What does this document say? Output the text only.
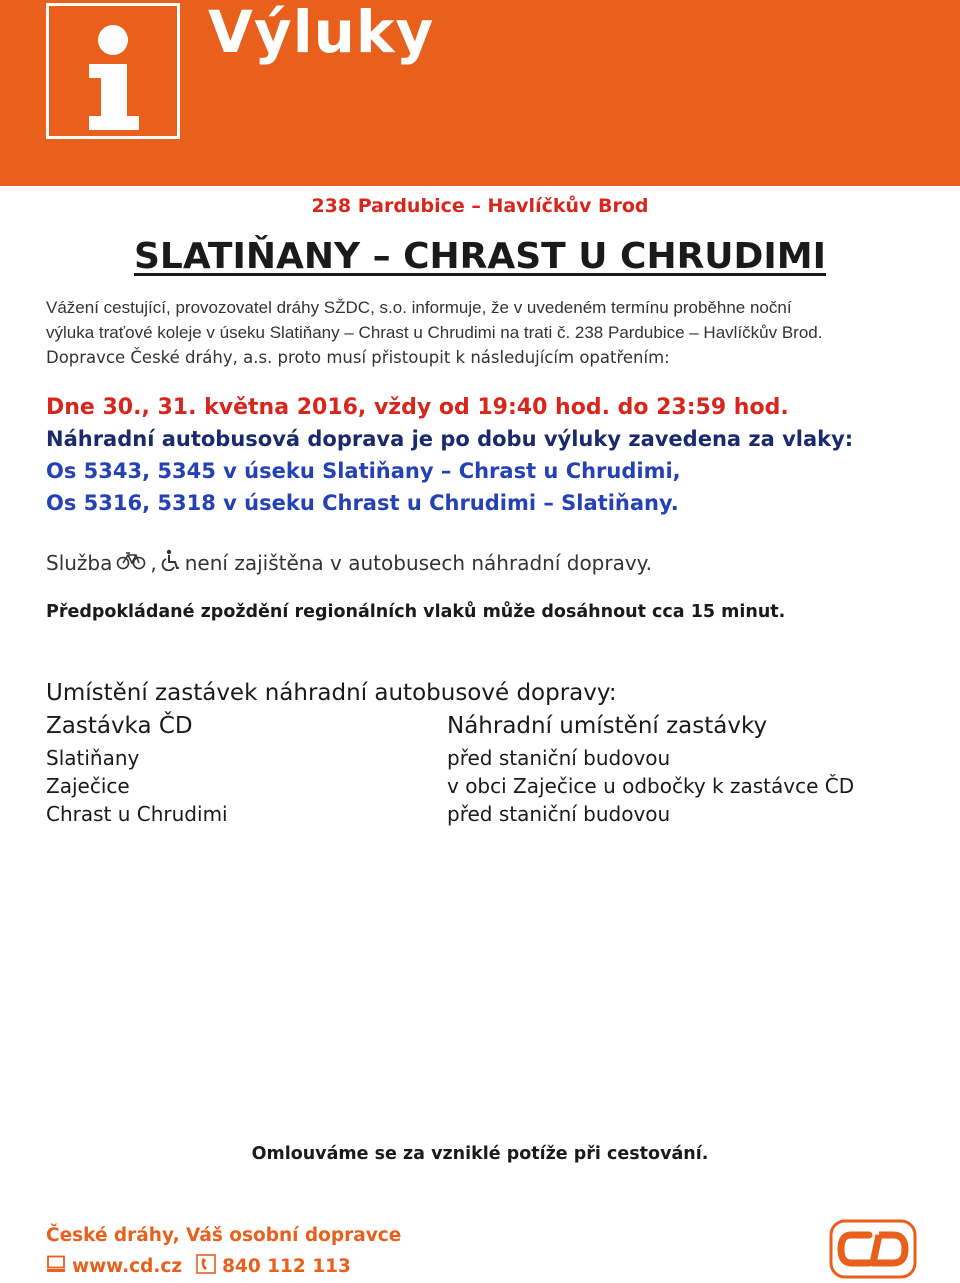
Výluky
238 Pardubice – Havlíčkův Brod
SLATIŇANY – CHRAST U CHRUDIMI

Vážení cestující, provozovatel dráhy SŽDC, s.o. informuje, že v uvedeném termínu proběhne noční

výluka traťové koleje v úseku Slatiňany – Chrast u Chrudimi na trati č. 238 Pardubice – Havlíčkův Brod.

Dopravce České dráhy, a.s. proto musí přistoupit k následujícím opatřením:

Dne 30., 31. května 2016, vždy od 19:40 hod. do 23:59 hod.
Náhradní autobusová doprava je po dobu výluky zavedena za vlaky:
Os 5343, 5345 v úseku Slatiňany – Chrast u Chrudimi,
Os 5316, 5318 v úseku Chrast u Chrudimi – Slatiňany.
Služba , není zajištěna v autobusech náhradní dopravy.
Předpokládané zpoždění regionálních vlaků může dosáhnout cca 15 minut.
Umístění zastávek náhradní autobusové dopravy:
Zastávka ČD	Náhradní umístění zastávky
Slatiňany	před staniční budovou
Zaječice	v obci Zaječice u odbočky k zastávce ČD
Chrast u Chrudimi	před staniční budovou
Omlouváme se za vzniklé potíže při cestování.
České dráhy, Váš osobní dopravce
www.cd.cz 840 112 113
